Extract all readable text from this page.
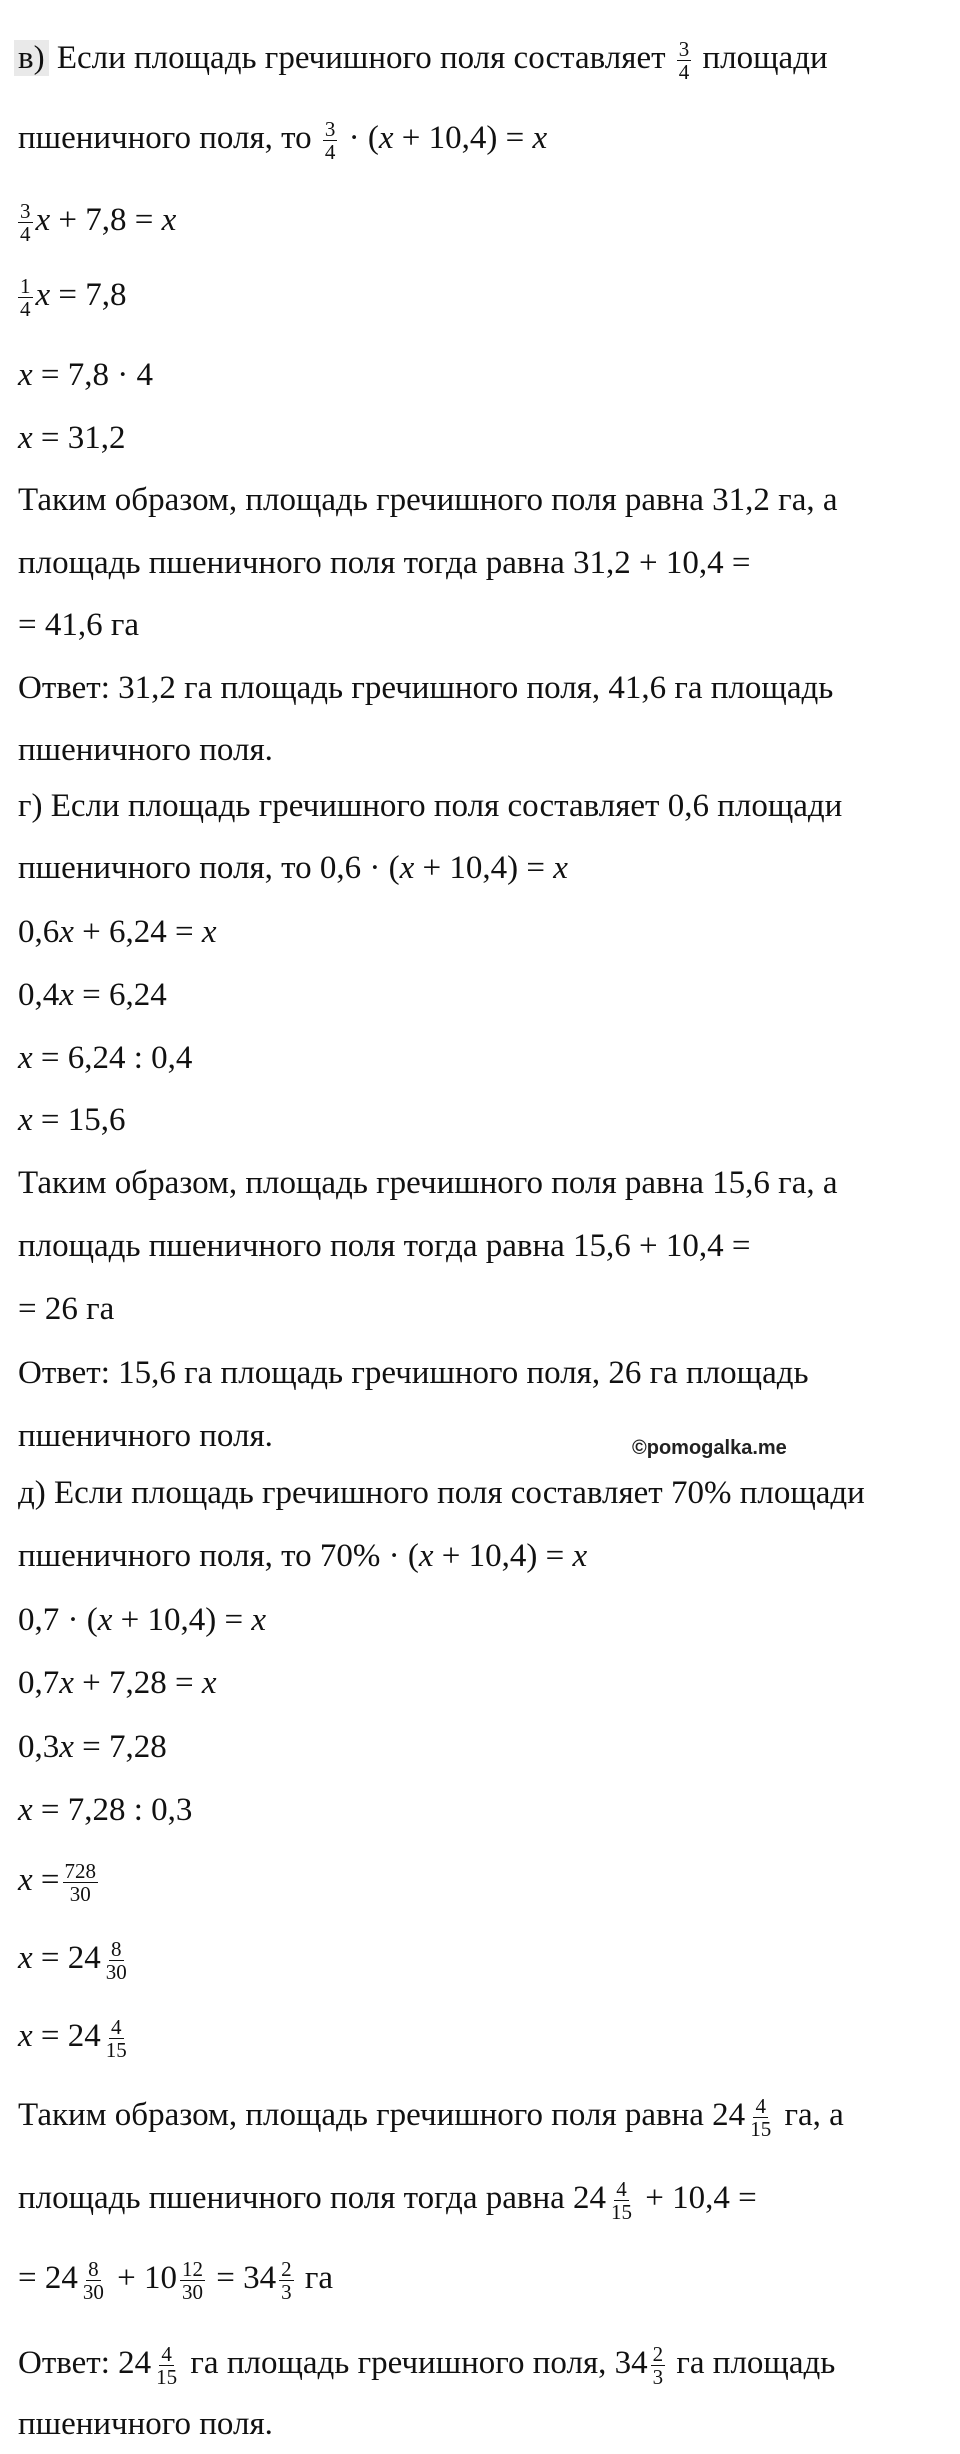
в) Если площадь гречишного поля составляет $\frac{3}{4}$ площади
пшеничного поля, то $\frac{3}{4} \cdot (x + 10,4) = x$
$\frac{3}{4}$ x + 7,8 = x
$\frac{1}{4}$ x = 7,8
x = 7,8 · 4
x = 31,2
Таким образом, площадь гречишного поля равна 31,2 га, а
площадь пшеничного поля тогда равна 31,2 + 10,4 =
= 41,6 га
Ответ: 31,2 га площадь гречишного поля, 41,6 га площадь
пшеничного поля.
г) Если площадь гречишного поля составляет 0,6 площади
пшеничного поля, то 0,6 · (x + 10,4) = x
0,6x + 6,24 = x
0,4x = 6,24
x = 6,24 : 0,4
x = 15,6
Таким образом, площадь гречишного поля равна 15,6 га, а
площадь пшеничного поля тогда равна 15,6 + 10,4 =
= 26 га
Ответ: 15,6 га площадь гречишного поля, 26 га площадь
пшеничного поля.	©pomogalka.me
д) Если площадь гречишного поля составляет 70% площади
пшеничного поля, то 70% · (x + 10,4) = x
0,7 · (x + 10,4) = x
0,7x + 7,28 = x
0,3x = 7,28
x = 7,28 : 0,3
$x = \frac{728}{30}$
$x = 24 \frac{8}{30}$
$x = 24 \frac{4}{15}$
Таким образом, площадь гречишного поля равна $24 \frac{4}{15}$ га, а
площадь пшеничного поля тогда равна $24 \frac{4}{15} + 10,4$ =
= $24 \frac{8}{30} + 10 \frac{12}{30} = 34 \frac{2}{3}$ га
Ответ: $24 \frac{4}{15}$ га площадь гречишного поля, $34 \frac{2}{3}$ га площадь
пшеничного поля.
